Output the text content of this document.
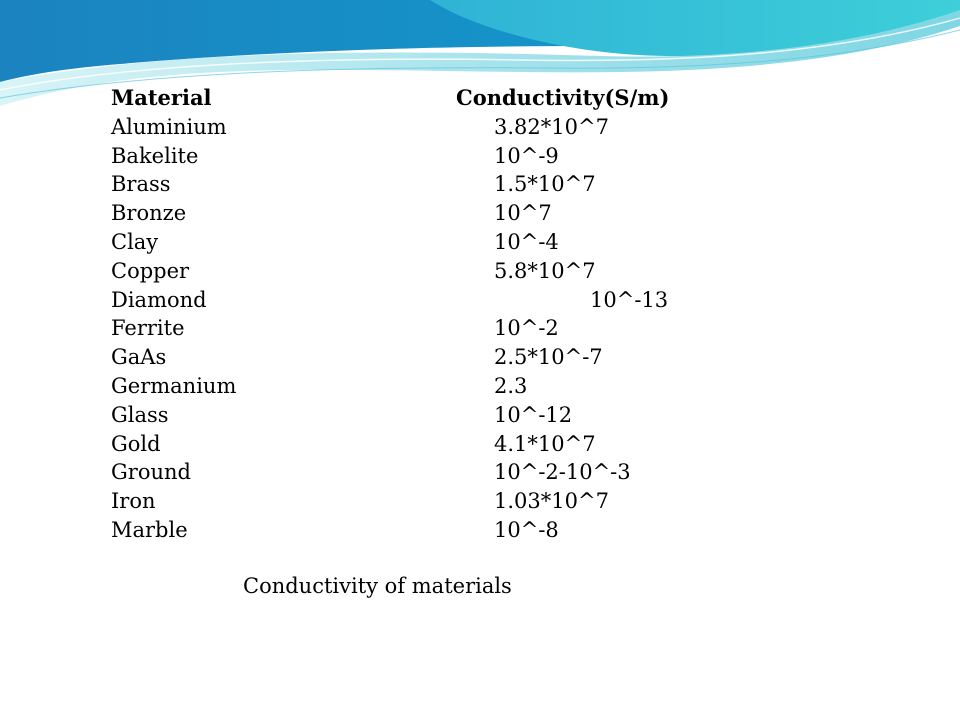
Material	Conductivity(S/m)
Aluminium	3.82*10^7
Bakelite	10^-9
Brass	1.5*10^7
Bronze	10^7
Clay	10^-4
Copper	5.8*10^7
Diamond	10^-13
Ferrite	10^-2
GaAs	2.5*10^-7
Germanium	2.3
Glass	10^-12
Gold	4.1*10^7
Ground	10^-2-10^-3
Iron	1.03*10^7
Marble	10^-8
Conductivity of materials
